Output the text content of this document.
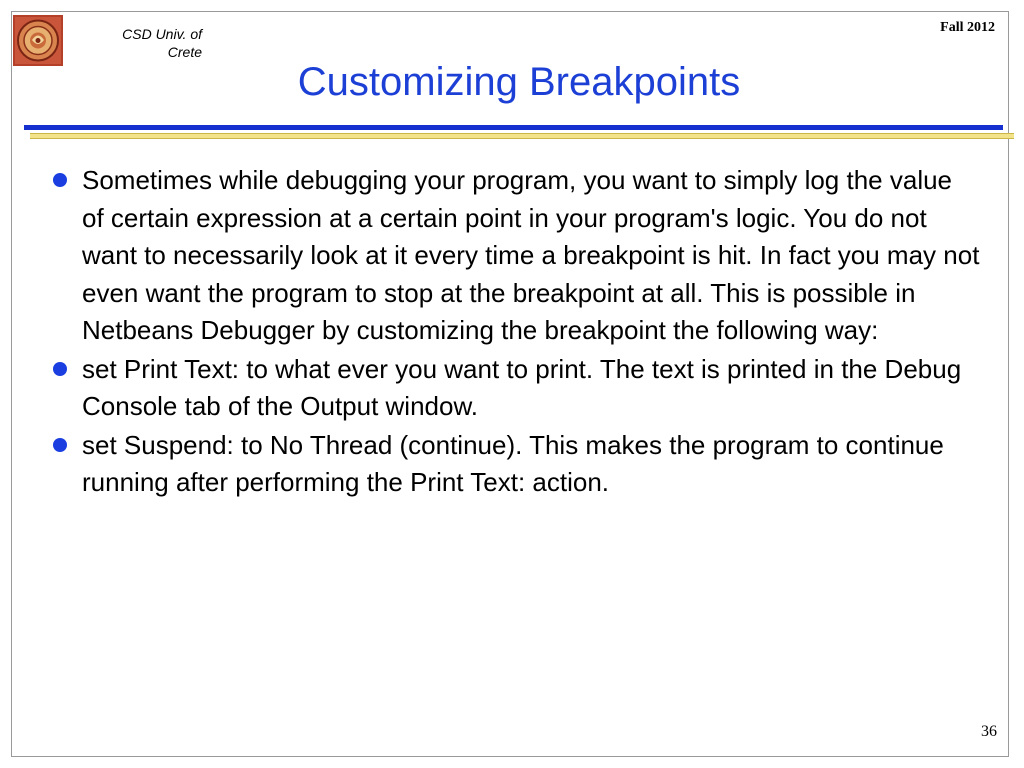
CSD Univ. of
Crete
Fall 2012
Customizing Breakpoints
Sometimes while debugging your program, you want to simply log the value of certain expression at a certain point in your program's logic. You do not want to necessarily look at it every time a breakpoint is hit. In fact you may not even want the program to stop at the breakpoint at all. This is possible in Netbeans Debugger by customizing the breakpoint the following way:
set Print Text: to what ever you want to print. The text is printed in the Debug Console tab of the Output window.
set Suspend: to No Thread (continue). This makes the program to continue running after performing the Print Text: action.
36
